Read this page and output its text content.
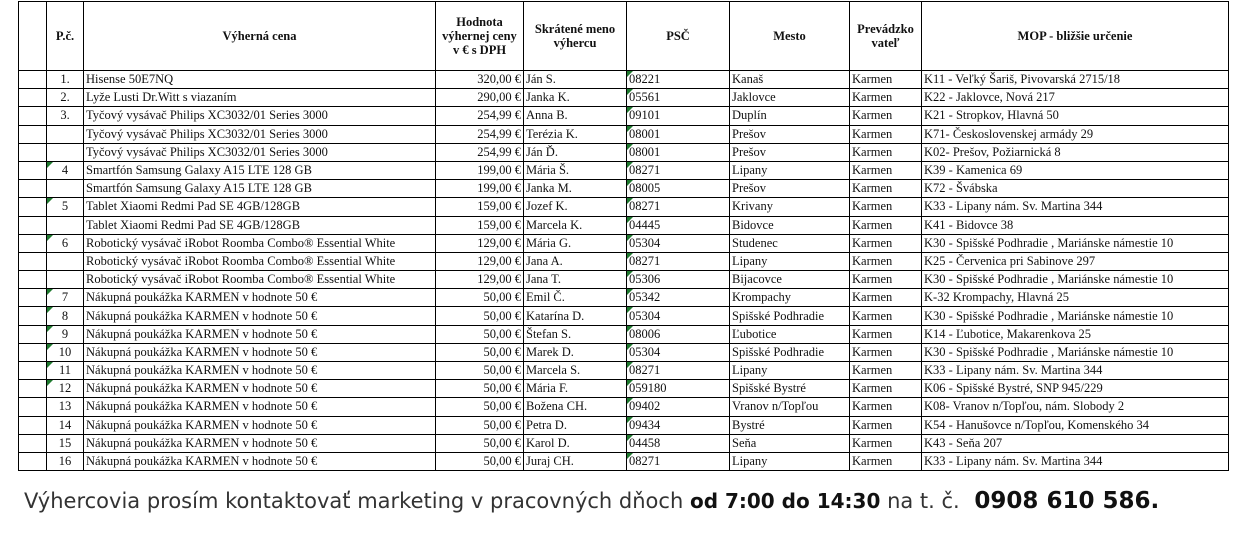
	P.č.	Výherná cena	Hodnota výhernej ceny v € s DPH	Skrátené meno výhercu	PSČ	Mesto	Prevádzko vateľ	MOP - bližšie určenie
	1.	Hisense 50E7NQ	320,00 €	Ján S.	08221	Kanaš	Karmen	K11 - Veľký Šariš, Pivovarská 2715/18
	2.	Lyže Lusti Dr.Witt s viazaním	290,00 €	Janka K.	05561	Jaklovce	Karmen	K22 - Jaklovce, Nová 217
	3.	Tyčový vysávač Philips XC3032/01 Series 3000	254,99 €	Anna B.	09101	Duplín	Karmen	K21 - Stropkov, Hlavná 50
		Tyčový vysávač Philips XC3032/01 Series 3000	254,99 €	Terézia K.	08001	Prešov	Karmen	K71- Československej armády 29
		Tyčový vysávač Philips XC3032/01 Series 3000	254,99 €	Ján Ď.	08001	Prešov	Karmen	K02- Prešov, Požiarnická 8
	4	Smartfón Samsung Galaxy A15 LTE 128 GB	199,00 €	Mária Š.	08271	Lipany	Karmen	K39 - Kamenica 69
		Smartfón Samsung Galaxy A15 LTE 128 GB	199,00 €	Janka M.	08005	Prešov	Karmen	K72 - Švábska
	5	Tablet Xiaomi Redmi Pad SE 4GB/128GB	159,00 €	Jozef K.	08271	Krivany	Karmen	K33 - Lipany nám. Sv. Martina 344
		Tablet Xiaomi Redmi Pad SE 4GB/128GB	159,00 €	Marcela K.	04445	Bidovce	Karmen	K41 - Bidovce 38
	6	Robotický vysávač iRobot Roomba Combo® Essential White	129,00 €	Mária G.	05304	Studenec	Karmen	K30 - Spišské Podhradie , Mariánske námestie 10
		Robotický vysávač iRobot Roomba Combo® Essential White	129,00 €	Jana A.	08271	Lipany	Karmen	K25 - Červenica pri Sabinove 297
		Robotický vysávač iRobot Roomba Combo® Essential White	129,00 €	Jana T.	05306	Bijacovce	Karmen	K30 - Spišské Podhradie , Mariánske námestie 10
	7	Nákupná poukážka KARMEN v hodnote 50 €	50,00 €	Emil Č.	05342	Krompachy	Karmen	K-32 Krompachy, Hlavná 25
	8	Nákupná poukážka KARMEN v hodnote 50 €	50,00 €	Katarína D.	05304	Spišské Podhradie	Karmen	K30 - Spišské Podhradie , Mariánske námestie 10
	9	Nákupná poukážka KARMEN v hodnote 50 €	50,00 €	Štefan S.	08006	Ľubotice	Karmen	K14 - Ľubotice, Makarenkova 25
	10	Nákupná poukážka KARMEN v hodnote 50 €	50,00 €	Marek D.	05304	Spišské Podhradie	Karmen	K30 - Spišské Podhradie , Mariánske námestie 10
	11	Nákupná poukážka KARMEN v hodnote 50 €	50,00 €	Marcela S.	08271	Lipany	Karmen	K33 - Lipany nám. Sv. Martina 344
	12	Nákupná poukážka KARMEN v hodnote 50 €	50,00 €	Mária F.	059180	Spišské Bystré	Karmen	K06 - Spišské Bystré, SNP 945/229
	13	Nákupná poukážka KARMEN v hodnote 50 €	50,00 €	Božena CH.	09402	Vranov n/Topľou	Karmen	K08- Vranov n/Topľou, nám. Slobody 2
	14	Nákupná poukážka KARMEN v hodnote 50 €	50,00 €	Petra D.	09434	Bystré	Karmen	K54 - Hanušovce n/Topľou, Komenského 34
	15	Nákupná poukážka KARMEN v hodnote 50 €	50,00 €	Karol D.	04458	Seňa	Karmen	K43 - Seňa 207
	16	Nákupná poukážka KARMEN v hodnote 50 €	50,00 €	Juraj CH.	08271	Lipany	Karmen	K33 - Lipany nám. Sv. Martina 344
Výhercovia prosím kontaktovať marketing v pracovných dňoch od 7:00 do 14:30 na t. č. 0908 610 586.
